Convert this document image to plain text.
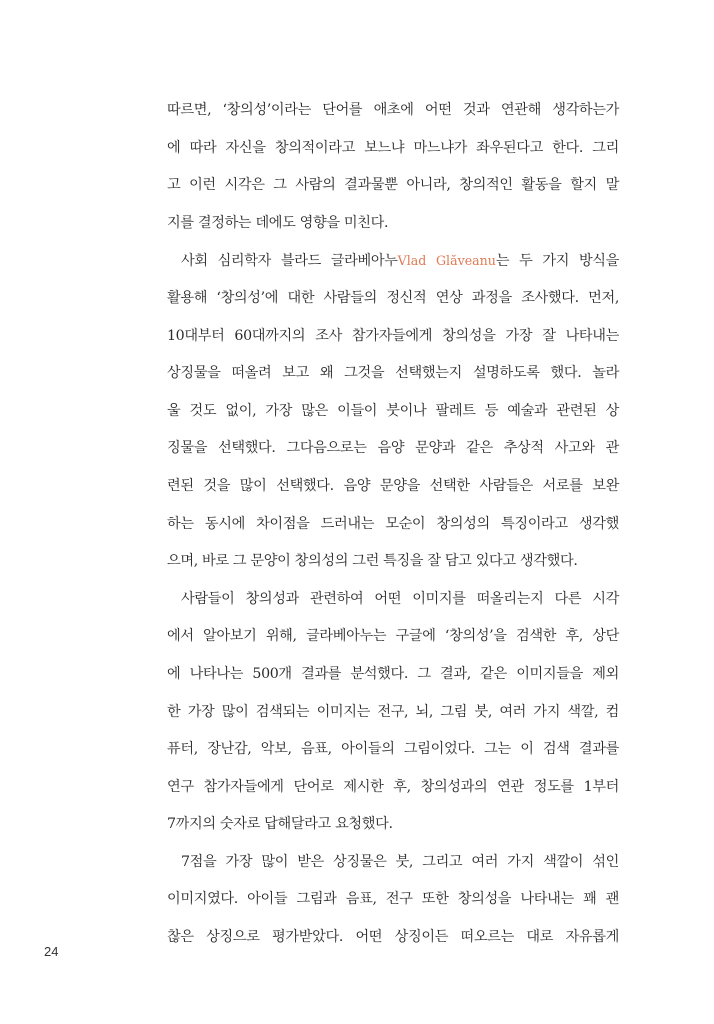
따르면, ‘창의성’이라는 단어를 애초에 어떤 것과 연관해 생각하는가
에 따라 자신을 창의적이라고 보느냐 마느냐가 좌우된다고 한다. 그리
고 이런 시각은 그 사람의 결과물뿐 아니라, 창의적인 활동을 할지 말
지를 결정하는 데에도 영향을 미친다.
사회 심리학자 블라드 글라베아누Vlad Glăveanu는 두 가지 방식을
활용해 ‘창의성’에 대한 사람들의 정신적 연상 과정을 조사했다. 먼저,
10대부터 60대까지의 조사 참가자들에게 창의성을 가장 잘 나타내는
상징물을 떠올려 보고 왜 그것을 선택했는지 설명하도록 했다. 놀라
울 것도 없이, 가장 많은 이들이 붓이나 팔레트 등 예술과 관련된 상
징물을 선택했다. 그다음으로는 음양 문양과 같은 추상적 사고와 관
련된 것을 많이 선택했다. 음양 문양을 선택한 사람들은 서로를 보완
하는 동시에 차이점을 드러내는 모순이 창의성의 특징이라고 생각했
으며, 바로 그 문양이 창의성의 그런 특징을 잘 담고 있다고 생각했다.
사람들이 창의성과 관련하여 어떤 이미지를 떠올리는지 다른 시각
에서 알아보기 위해, 글라베아누는 구글에 ‘창의성’을 검색한 후, 상단
에 나타나는 500개 결과를 분석했다. 그 결과, 같은 이미지들을 제외
한 가장 많이 검색되는 이미지는 전구, 뇌, 그림 붓, 여러 가지 색깔, 컴
퓨터, 장난감, 악보, 음표, 아이들의 그림이었다. 그는 이 검색 결과를
연구 참가자들에게 단어로 제시한 후, 창의성과의 연관 정도를 1부터
7까지의 숫자로 답해달라고 요청했다.
7점을 가장 많이 받은 상징물은 붓, 그리고 여러 가지 색깔이 섞인
이미지였다. 아이들 그림과 음표, 전구 또한 창의성을 나타내는 꽤 괜
찮은 상징으로 평가받았다. 어떤 상징이든 떠오르는 대로 자유롭게
24
